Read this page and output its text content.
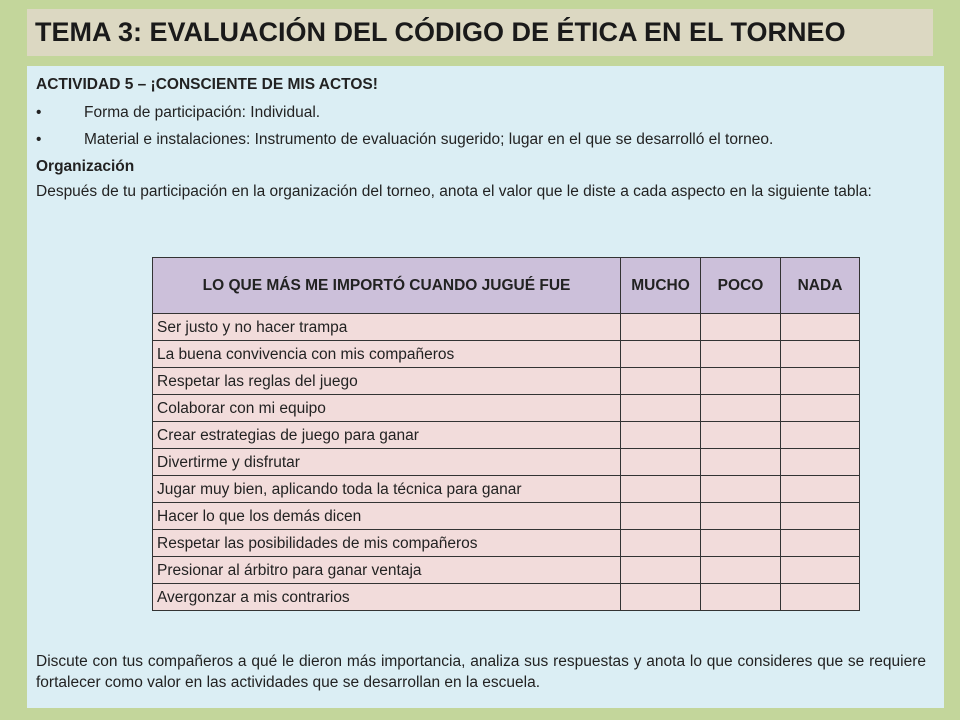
TEMA 3: EVALUACIÓN DEL CÓDIGO DE ÉTICA EN EL TORNEO

ACTIVIDAD 5 – ¡CONSCIENTE DE MIS ACTOS!

•	Forma de participación: Individual.

•	Material e instalaciones: Instrumento de evaluación sugerido; lugar en el que se desarrolló el torneo.

Organización

Después de tu participación en la organización del torneo, anota el valor que le diste a cada aspecto en la siguiente tabla:

LO QUE MÁS ME IMPORTÓ CUANDO JUGUÉ FUE	MUCHO	POCO	NADA
Ser justo y no hacer trampa			
La buena convivencia con mis compañeros			
Respetar las reglas del juego			
Colaborar con mi equipo			
Crear estrategias de juego para ganar			
Divertirme y disfrutar			
Jugar muy bien, aplicando toda la técnica para ganar			
Hacer lo que los demás dicen			
Respetar las posibilidades de mis compañeros			
Presionar al árbitro para ganar ventaja			
Avergonzar a mis contrarios			

Discute con tus compañeros a qué le dieron más importancia, analiza sus respuestas y anota lo que consideres que se requiere fortalecer como valor en las actividades que se desarrollan en la escuela.
